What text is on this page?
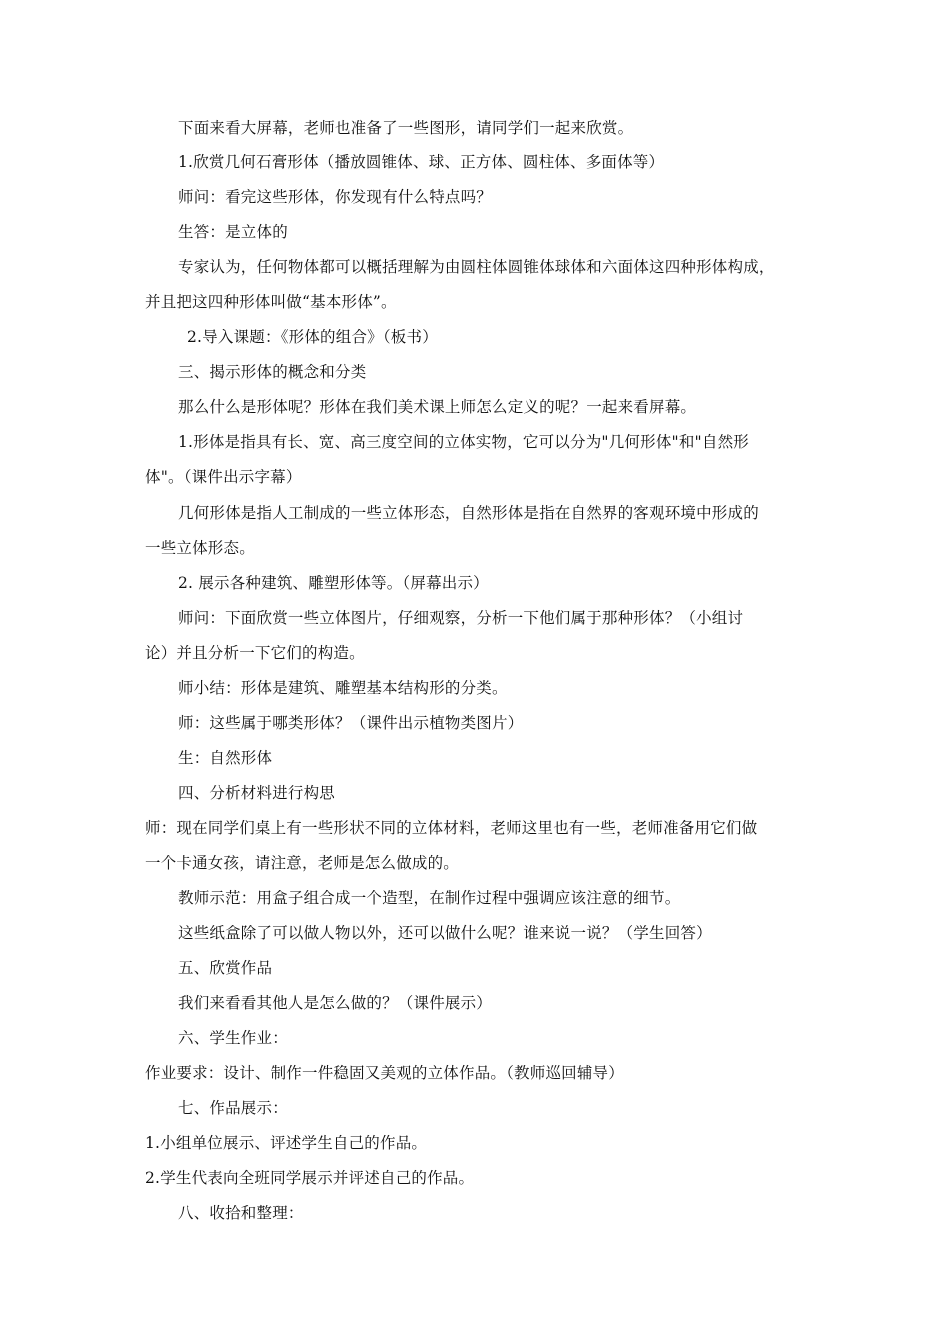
下面来看大屏幕，老师也准备了一些图形，请同学们一起来欣赏。
1.欣赏几何石膏形体（播放圆锥体、球、正方体、圆柱体、多面体等）
师问：看完这些形体，你发现有什么特点吗？
生答：是立体的
专家认为，任何物体都可以概括理解为由圆柱体圆锥体球体和六面体这四种形体构成，
并且把这四种形体叫做“基本形体”。
2.导入课题：《形体的组合》（板书）
三、揭示形体的概念和分类
那么什么是形体呢？形体在我们美术课上师怎么定义的呢？一起来看屏幕。
1.形体是指具有长、宽、高三度空间的立体实物，它可以分为"几何形体"和"自然形
体"。（课件出示字幕）
几何形体是指人工制成的一些立体形态，自然形体是指在自然界的客观环境中形成的
一些立体形态。
2. 展示各种建筑、雕塑形体等。（屏幕出示）
师问：下面欣赏一些立体图片，仔细观察，分析一下他们属于那种形体？（小组讨
论）并且分析一下它们的构造。
师小结：形体是建筑、雕塑基本结构形的分类。
师：这些属于哪类形体？（课件出示植物类图片）
生：自然形体
四、分析材料进行构思
师：现在同学们桌上有一些形状不同的立体材料，老师这里也有一些，老师准备用它们做
一个卡通女孩，请注意，老师是怎么做成的。
教师示范：用盒子组合成一个造型，在制作过程中强调应该注意的细节。
这些纸盒除了可以做人物以外，还可以做什么呢？谁来说一说？（学生回答）
五、欣赏作品
我们来看看其他人是怎么做的？（课件展示）
六、学生作业：
作业要求：设计、制作一件稳固又美观的立体作品。（教师巡回辅导）
七、作品展示：
1.小组单位展示、评述学生自己的作品。
2.学生代表向全班同学展示并评述自己的作品。
八、收拾和整理：
